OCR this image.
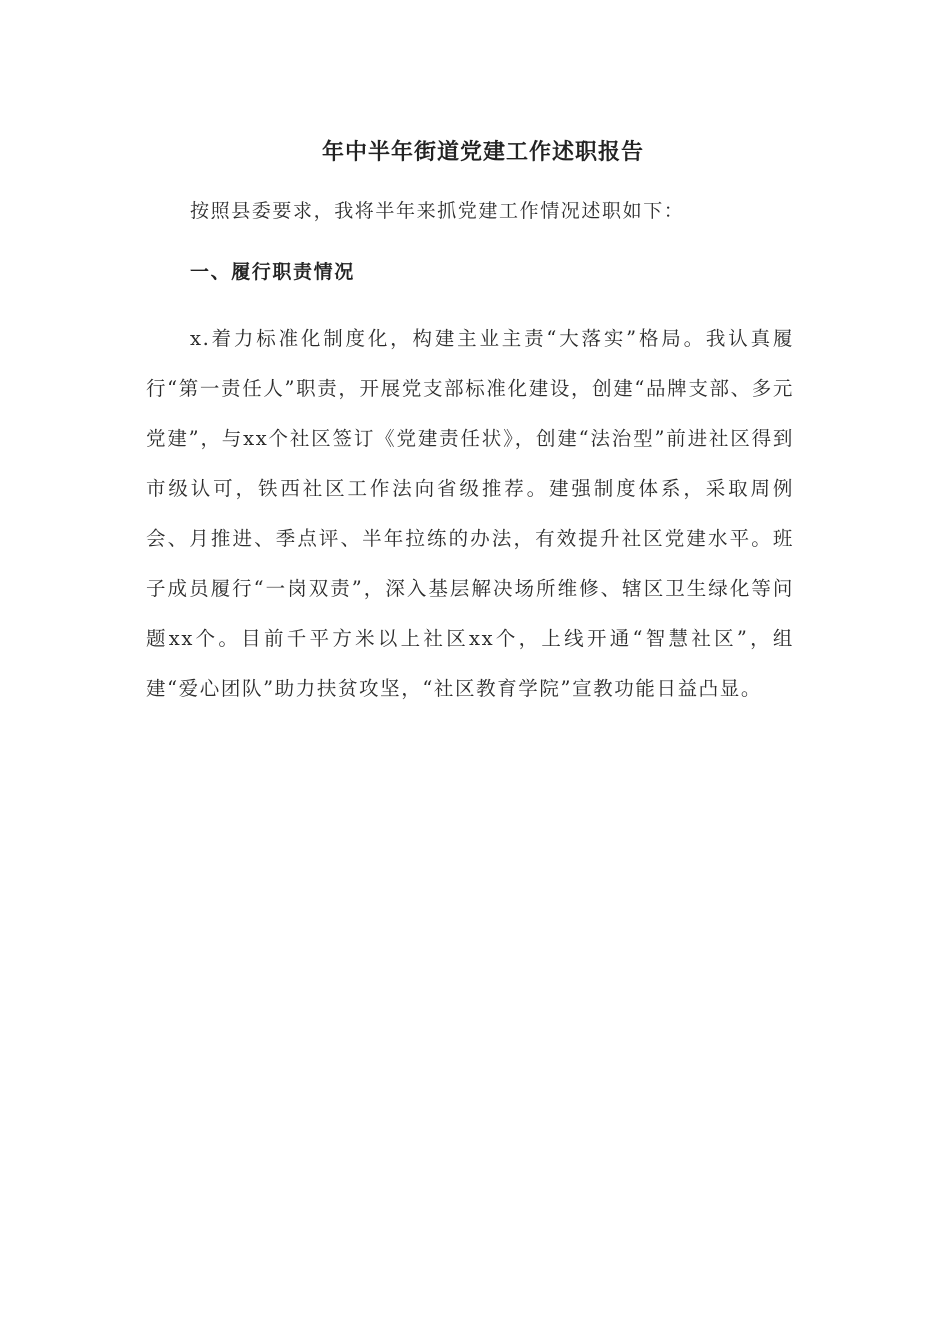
年中半年街道党建工作述职报告

按照县委要求，我将半年来抓党建工作情况述职如下：

一、履行职责情况

x.着力标准化制度化，构建主业主责“大落实”格局。我认真履行“第一责任人”职责，开展党支部标准化建设，创建“品牌支部、多元党建”，与xx个社区签订《党建责任状》，创建“法治型”前进社区得到市级认可，铁西社区工作法向省级推荐。建强制度体系，采取周例会、月推进、季点评、半年拉练的办法，有效提升社区党建水平。班子成员履行“一岗双责”，深入基层解决场所维修、辖区卫生绿化等问题xx个。目前千平方米以上社区xx个，上线开通“智慧社区”，组建“爱心团队”助力扶贫攻坚，“社区教育学院”宣教功能日益凸显。
